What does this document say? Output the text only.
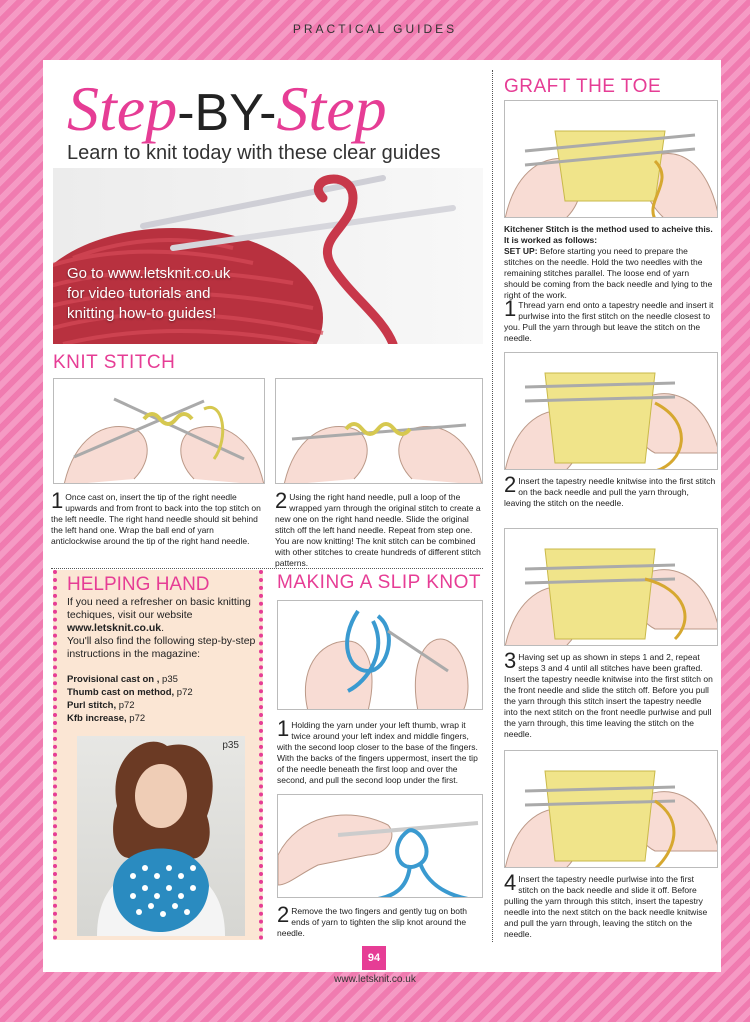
PRACTICAL GUIDES
Step-BY-Step
Learn to knit today with these clear guides
Go to www.letsknit.co.uk
for video tutorials and
knitting how-to guides!
KNIT STITCH
1 Once cast on, insert the tip of the right needle upwards and from front to back into the top stitch on the left needle. The right hand needle should sit behind the left hand one. Wrap the ball end of yarn anticlockwise around the tip of the right hand needle.
2 Using the right hand needle, pull a loop of the wrapped yarn through the original stitch to create a new one on the right hand needle. Slide the original stitch off the left hand needle. Repeat from step one. You are now knitting! The knit stitch can be combined with other stitches to create hundreds of different stitch patterns.
HELPING HAND
If you need a refresher on basic knitting techiques, visit our website www.letsknit.co.uk.
You'll also find the following step-by-step instructions in the magazine:
Provisional cast on , p35
Thumb cast on method, p72
Purl stitch, p72
Kfb increase, p72
p35
MAKING A SLIP KNOT
1 Holding the yarn under your left thumb, wrap it twice around your left index and middle fingers, with the second loop closer to the base of the fingers. With the backs of the fingers uppermost, insert the tip of the needle beneath the first loop and over the second, and pull the second loop under the first.
2 Remove the two fingers and gently tug on both ends of yarn to tighten the slip knot around the needle.
GRAFT THE TOE
Kitchener Stitch is the method used to acheive this. It is worked as follows:
SET UP: Before starting you need to prepare the stitches on the needle. Hold the two needles with the remaining stitches parallel. The loose end of yarn should be coming from the back needle and lying to the right of the work.
1 Thread yarn end onto a tapestry needle and insert it purlwise into the first stitch on the needle closest to you. Pull the yarn through but leave the stitch on the needle.
2 Insert the tapestry needle knitwise into the first stitch on the back needle and pull the yarn through, leaving the stitch on the needle.
3 Having set up as shown in steps 1 and 2, repeat steps 3 and 4 until all stitches have been grafted. Insert the tapestry needle knitwise into the first stitch on the front needle and slide the stitch off. Before you pull the yarn through this stitch insert the tapestry needle into the next stitch on the front needle purlwise and pull the yarn through, this time leaving the stitch on the needle.
4 Insert the tapestry needle purlwise into the first stitch on the back needle and slide it off. Before pulling the yarn through this stitch, insert the tapestry needle into the next stitch on the back needle knitwise and pull the yarn through, leaving the stitch on the needle.
94
www.letsknit.co.uk
